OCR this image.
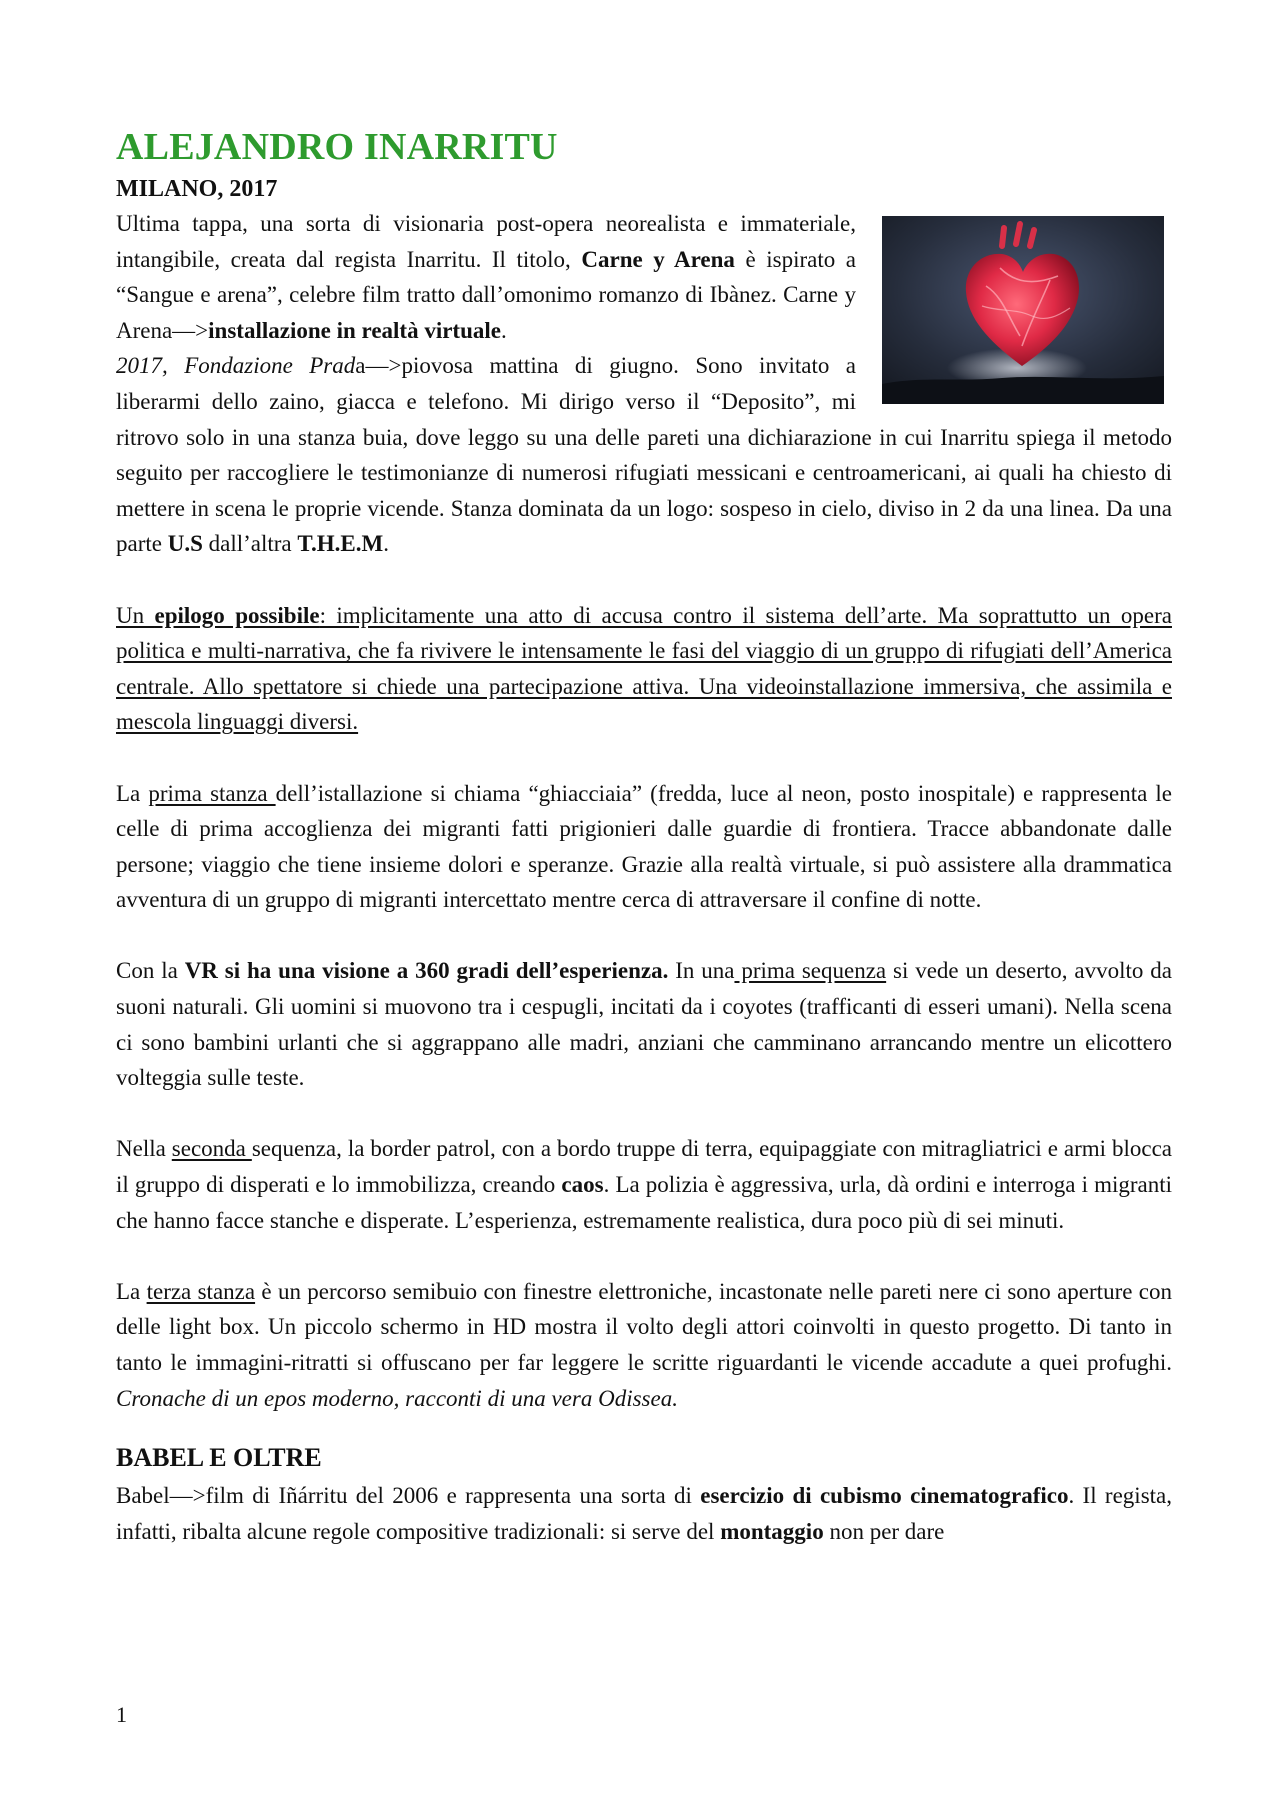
ALEJANDRO INARRITU
MILANO, 2017

Ultima tappa, una sorta di visionaria post-opera neorealista e immateriale, intangibile, creata dal regista Inarritu. Il titolo, Carne y Arena è ispirato a “Sangue e arena”, celebre film tratto dall’omonimo romanzo di Ibànez. Carne y Arena—>installazione in realtà virtuale.

2017, Fondazione Prada—>piovosa mattina di giugno. Sono invitato a liberarmi dello zaino, giacca e telefono. Mi dirigo verso il “Deposito”, mi ritrovo solo in una stanza buia, dove leggo su una delle pareti una dichiarazione in cui Inarritu spiega il metodo seguito per raccogliere le testimonianze di numerosi rifugiati messicani e centroamericani, ai quali ha chiesto di mettere in scena le proprie vicende. Stanza dominata da un logo: sospeso in cielo, diviso in 2 da una linea. Da una parte U.S dall’altra T.H.E.M.

Un epilogo possibile: implicitamente una atto di accusa contro il sistema dell’arte. Ma soprattutto un opera politica e multi-narrativa, che fa rivivere le intensamente le fasi del viaggio di un gruppo di rifugiati dell’America centrale. Allo spettatore si chiede una partecipazione attiva. Una videoinstallazione immersiva, che assimila e mescola linguaggi diversi.

La prima stanza dell’istallazione si chiama “ghiacciaia” (fredda, luce al neon, posto inospitale) e rappresenta le celle di prima accoglienza dei migranti fatti prigionieri dalle guardie di frontiera. Tracce abbandonate dalle persone; viaggio che tiene insieme dolori e speranze. Grazie alla realtà virtuale, si può assistere alla drammatica avventura di un gruppo di migranti intercettato mentre cerca di attraversare il confine di notte.

Con la VR si ha una visione a 360 gradi dell’esperienza. In una prima sequenza si vede un deserto, avvolto da suoni naturali. Gli uomini si muovono tra i cespugli, incitati da i coyotes (trafficanti di esseri umani). Nella scena ci sono bambini urlanti che si aggrappano alle madri, anziani che camminano arrancando mentre un elicottero volteggia sulle teste.

Nella seconda sequenza, la border patrol, con a bordo truppe di terra, equipaggiate con mitragliatrici e armi blocca il gruppo di disperati e lo immobilizza, creando caos. La polizia è aggressiva, urla, dà ordini e interroga i migranti che hanno facce stanche e disperate. L’esperienza, estremamente realistica, dura poco più di sei minuti.

La terza stanza è un percorso semibuio con finestre elettroniche, incastonate nelle pareti nere ci sono aperture con delle light box. Un piccolo schermo in HD mostra il volto degli attori coinvolti in questo progetto. Di tanto in tanto le immagini-ritratti si offuscano per far leggere le scritte riguardanti le vicende accadute a quei profughi. Cronache di un epos moderno, racconti di una vera Odissea.

BABEL E OLTRE

Babel—>film di Iñárritu del 2006 e rappresenta una sorta di esercizio di cubismo cinematografico. Il regista, infatti, ribalta alcune regole compositive tradizionali: si serve del montaggio non per dare

1
